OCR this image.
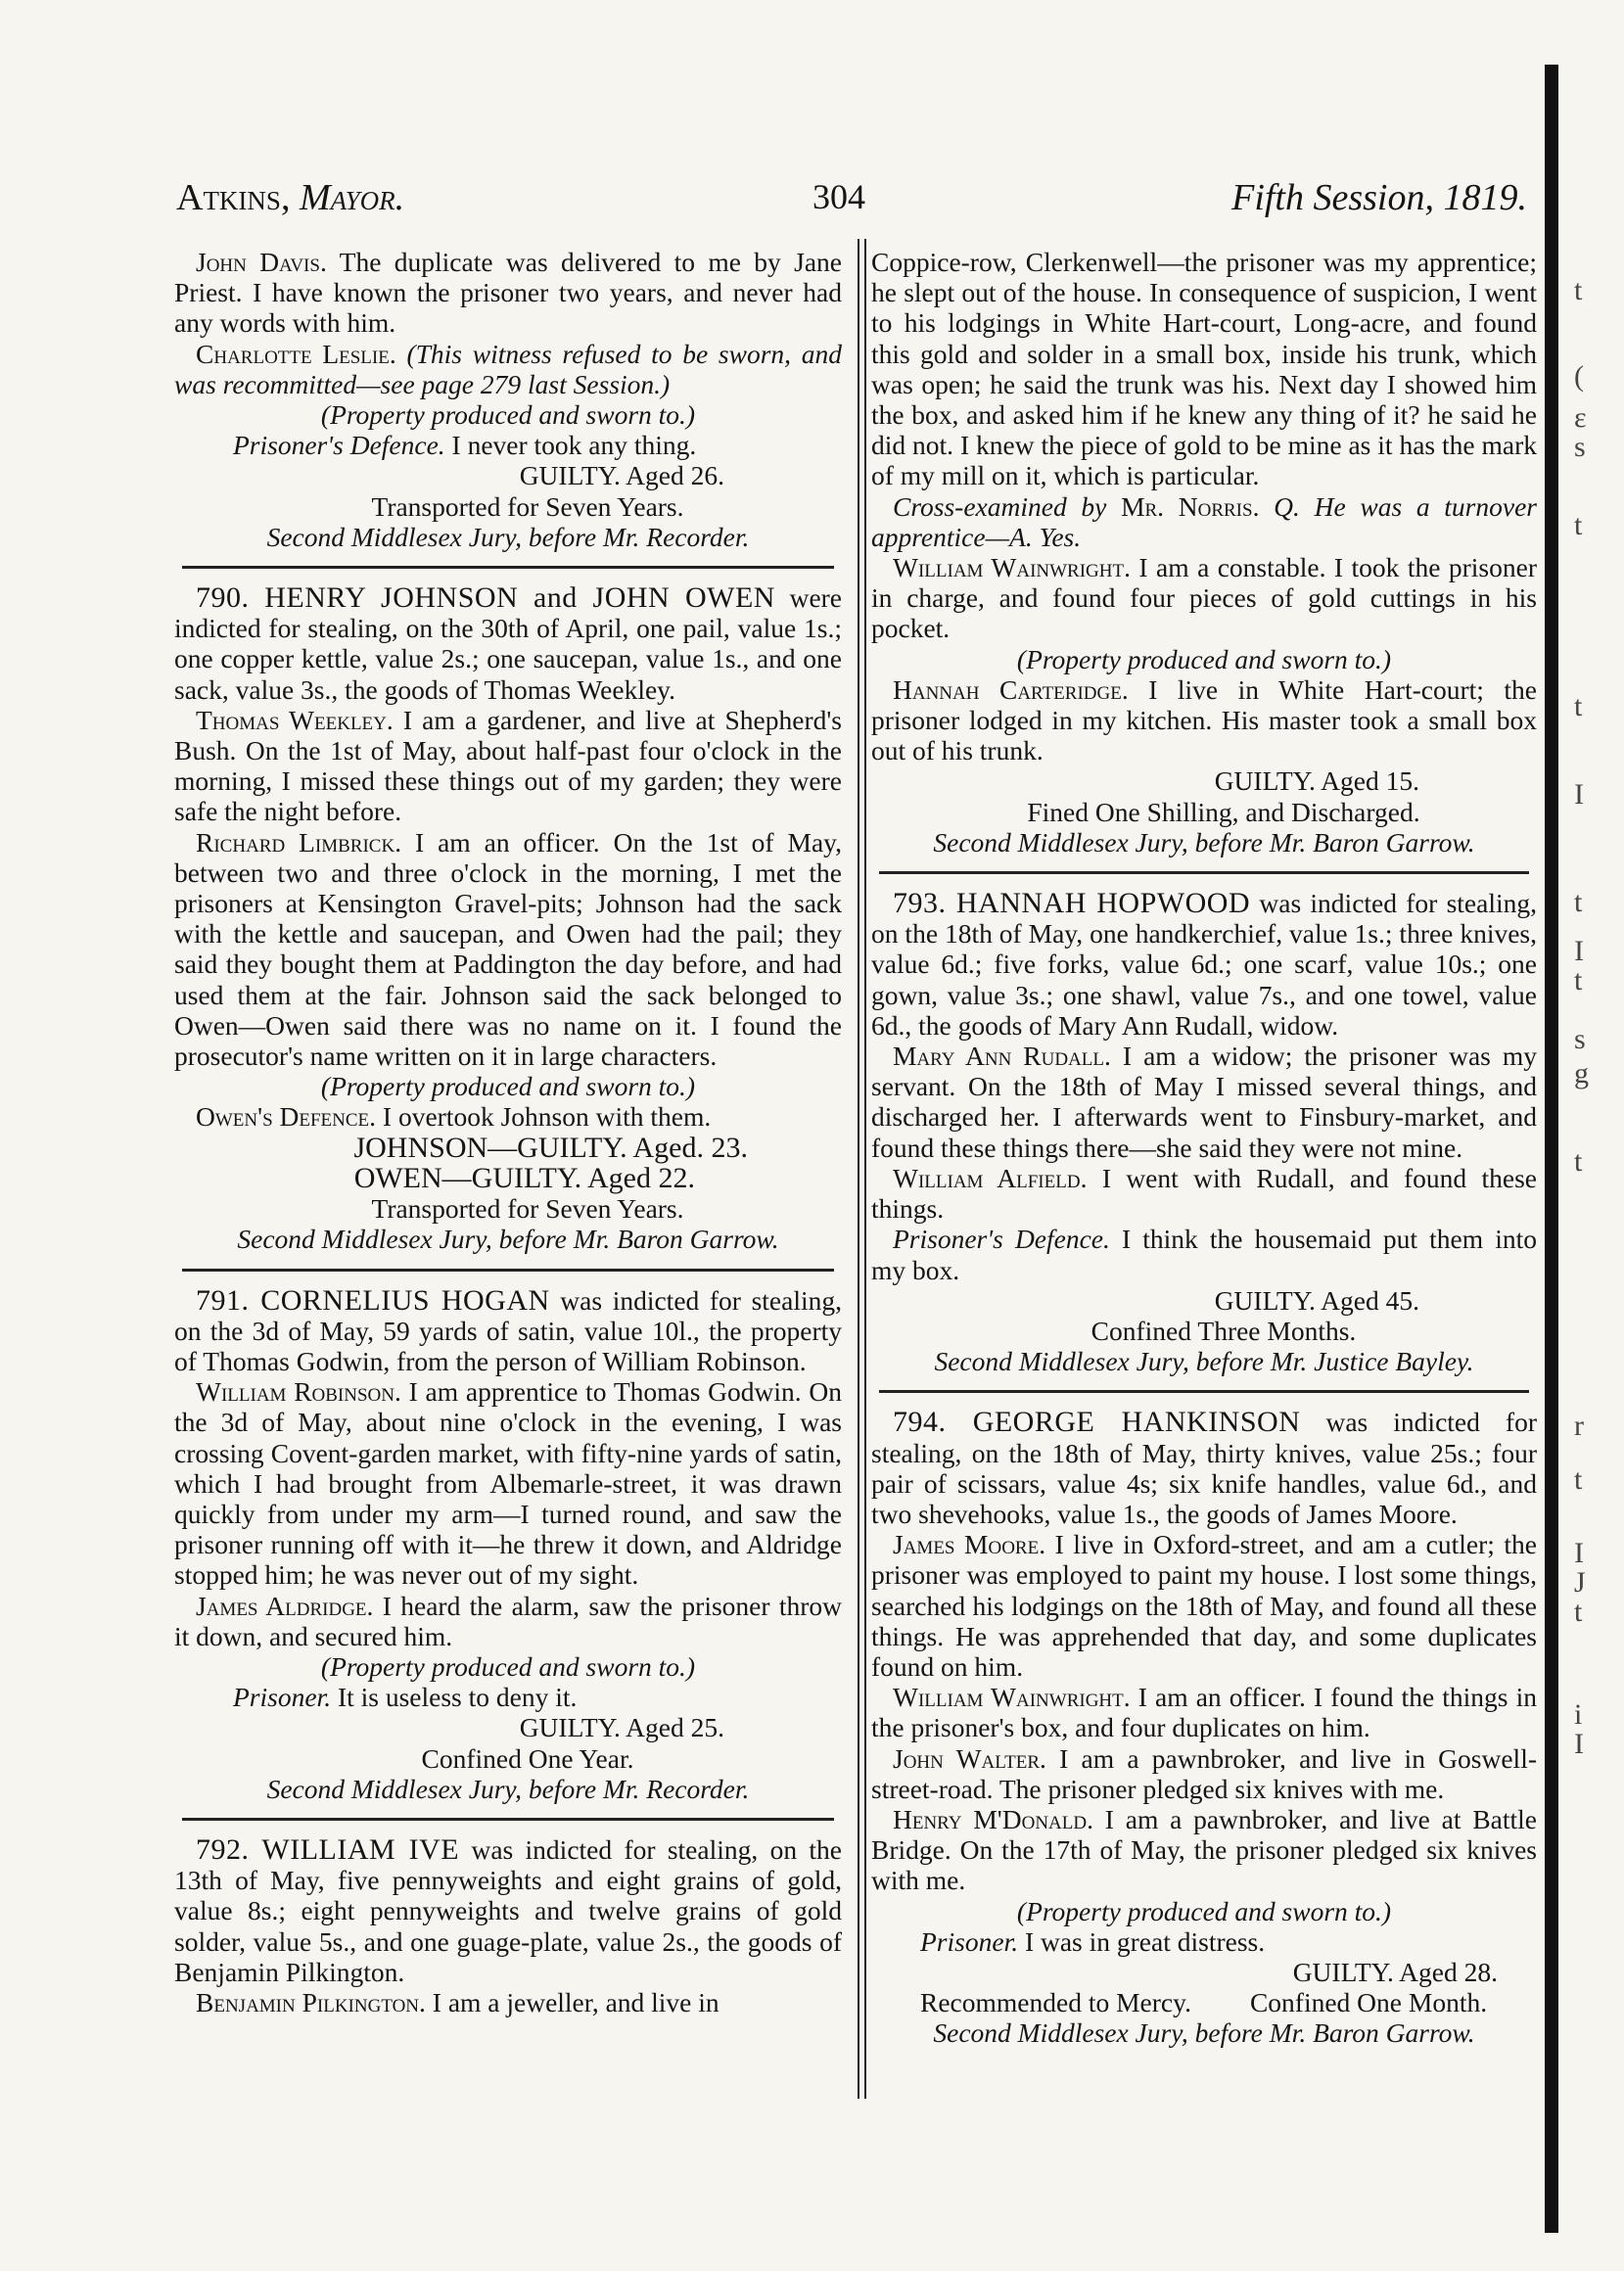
Atkins, Mayor.	304	Fifth Session, 1819.

John Davis. The duplicate was delivered to me by Jane Priest. I have known the prisoner two years, and never had any words with him.

Charlotte Leslie. (This witness refused to be sworn, and was recommitted—see page 279 last Session.)

(Property produced and sworn to.)

Prisoner's Defence. I never took any thing.

GUILTY. Aged 26.

Transported for Seven Years.

Second Middlesex Jury, before Mr. Recorder.

790. HENRY JOHNSON and JOHN OWEN were indicted for stealing, on the 30th of April, one pail, value 1s.; one copper kettle, value 2s.; one saucepan, value 1s., and one sack, value 3s., the goods of Thomas Weekley.

Thomas Weekley. I am a gardener, and live at Shepherd's Bush. On the 1st of May, about half-past four o'clock in the morning, I missed these things out of my garden; they were safe the night before.

Richard Limbrick. I am an officer. On the 1st of May, between two and three o'clock in the morning, I met the prisoners at Kensington Gravel-pits; Johnson had the sack with the kettle and saucepan, and Owen had the pail; they said they bought them at Paddington the day before, and had used them at the fair. Johnson said the sack belonged to Owen—Owen said there was no name on it. I found the prosecutor's name written on it in large characters.

(Property produced and sworn to.)

Owen's Defence. I overtook Johnson with them.

JOHNSON—GUILTY. Aged. 23.

OWEN—GUILTY. Aged 22.

Transported for Seven Years.

Second Middlesex Jury, before Mr. Baron Garrow.

791. CORNELIUS HOGAN was indicted for stealing, on the 3d of May, 59 yards of satin, value 10l., the property of Thomas Godwin, from the person of William Robinson.

William Robinson. I am apprentice to Thomas Godwin. On the 3d of May, about nine o'clock in the evening, I was crossing Covent-garden market, with fifty-nine yards of satin, which I had brought from Albemarle-street, it was drawn quickly from under my arm—I turned round, and saw the prisoner running off with it—he threw it down, and Aldridge stopped him; he was never out of my sight.

James Aldridge. I heard the alarm, saw the prisoner throw it down, and secured him.

(Property produced and sworn to.)

Prisoner. It is useless to deny it.

GUILTY. Aged 25.

Confined One Year.

Second Middlesex Jury, before Mr. Recorder.

792. WILLIAM IVE was indicted for stealing, on the 13th of May, five pennyweights and eight grains of gold, value 8s.; eight pennyweights and twelve grains of gold solder, value 5s., and one guage-plate, value 2s., the goods of Benjamin Pilkington.

Benjamin Pilkington. I am a jeweller, and live in

Coppice-row, Clerkenwell—the prisoner was my apprentice; he slept out of the house. In consequence of suspicion, I went to his lodgings in White Hart-court, Long-acre, and found this gold and solder in a small box, inside his trunk, which was open; he said the trunk was his. Next day I showed him the box, and asked him if he knew any thing of it? he said he did not. I knew the piece of gold to be mine as it has the mark of my mill on it, which is particular.

Cross-examined by Mr. Norris. Q. He was a turnover apprentice—A. Yes.

William Wainwright. I am a constable. I took the prisoner in charge, and found four pieces of gold cuttings in his pocket.

(Property produced and sworn to.)

Hannah Carteridge. I live in White Hart-court; the prisoner lodged in my kitchen. His master took a small box out of his trunk.

GUILTY. Aged 15.

Fined One Shilling, and Discharged.

Second Middlesex Jury, before Mr. Baron Garrow.

793. HANNAH HOPWOOD was indicted for stealing, on the 18th of May, one handkerchief, value 1s.; three knives, value 6d.; five forks, value 6d.; one scarf, value 10s.; one gown, value 3s.; one shawl, value 7s., and one towel, value 6d., the goods of Mary Ann Rudall, widow.

Mary Ann Rudall. I am a widow; the prisoner was my servant. On the 18th of May I missed several things, and discharged her. I afterwards went to Finsbury-market, and found these things there—she said they were not mine.

William Alfield. I went with Rudall, and found these things.

Prisoner's Defence. I think the housemaid put them into my box.

GUILTY. Aged 45.

Confined Three Months.

Second Middlesex Jury, before Mr. Justice Bayley.

794. GEORGE HANKINSON was indicted for stealing, on the 18th of May, thirty knives, value 25s.; four pair of scissars, value 4s; six knife handles, value 6d., and two shevehooks, value 1s., the goods of James Moore.

James Moore. I live in Oxford-street, and am a cutler; the prisoner was employed to paint my house. I lost some things, searched his lodgings on the 18th of May, and found all these things. He was apprehended that day, and some duplicates found on him.

William Wainwright. I am an officer. I found the things in the prisoner's box, and four duplicates on him.

John Walter. I am a pawnbroker, and live in Goswell-street-road. The prisoner pledged six knives with me.

Henry M'Donald. I am a pawnbroker, and live at Battle Bridge. On the 17th of May, the prisoner pledged six knives with me.

(Property produced and sworn to.)

Prisoner. I was in great distress.

GUILTY. Aged 28.

Recommended to Mercy. Confined One Month.

Second Middlesex Jury, before Mr. Baron Garrow.

t
(
ε
s
t
t
I
t
I
t
s
g
t
r
t
I
J
t
i
I
